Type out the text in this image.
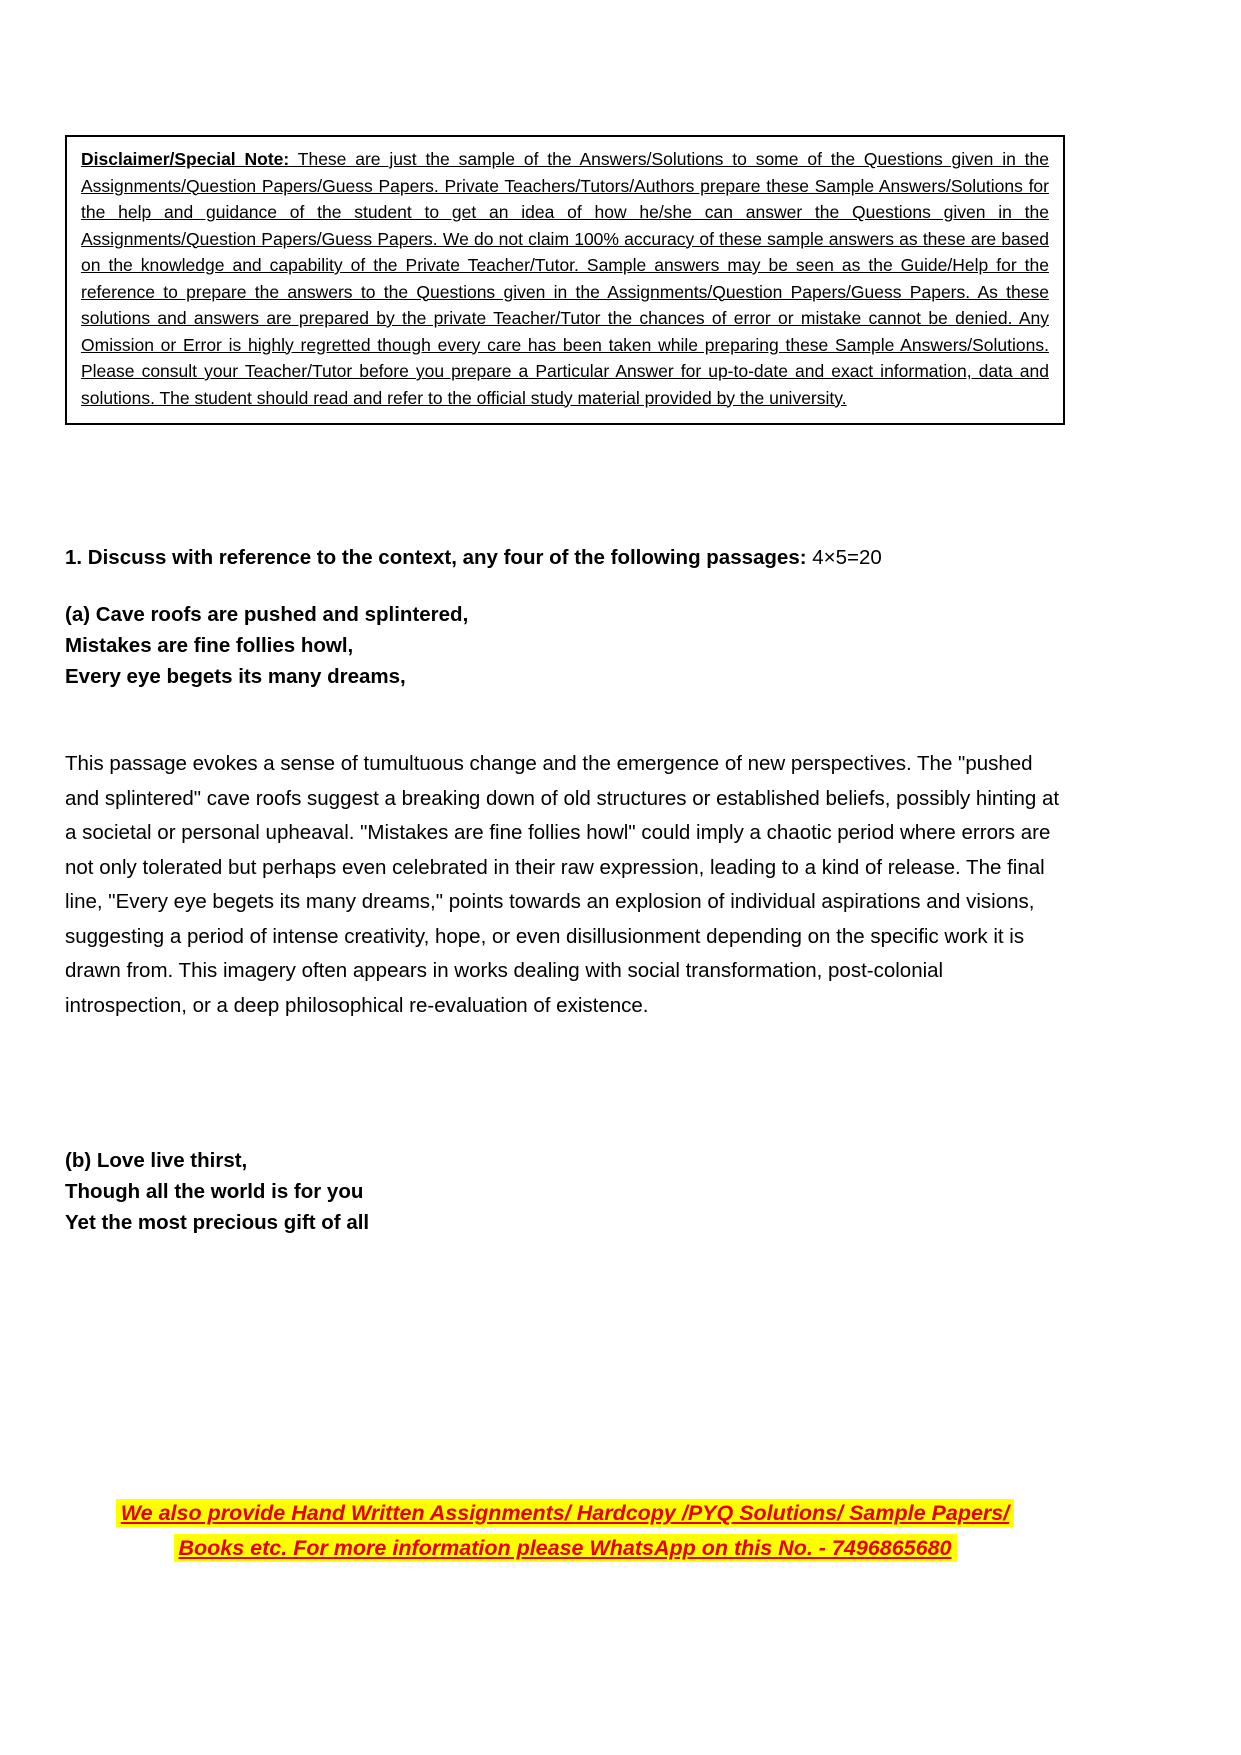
Disclaimer/Special Note: These are just the sample of the Answers/Solutions to some of the Questions given in the Assignments/Question Papers/Guess Papers. Private Teachers/Tutors/Authors prepare these Sample Answers/Solutions for the help and guidance of the student to get an idea of how he/she can answer the Questions given in the Assignments/Question Papers/Guess Papers. We do not claim 100% accuracy of these sample answers as these are based on the knowledge and capability of the Private Teacher/Tutor. Sample answers may be seen as the Guide/Help for the reference to prepare the answers to the Questions given in the Assignments/Question Papers/Guess Papers. As these solutions and answers are prepared by the private Teacher/Tutor the chances of error or mistake cannot be denied. Any Omission or Error is highly regretted though every care has been taken while preparing these Sample Answers/Solutions. Please consult your Teacher/Tutor before you prepare a Particular Answer for up-to-date and exact information, data and solutions. The student should read and refer to the official study material provided by the university.

1. Discuss with reference to the context, any four of the following passages: 4×5=20

(a) Cave roofs are pushed and splintered,
Mistakes are fine follies howl,
Every eye begets its many dreams,

This passage evokes a sense of tumultuous change and the emergence of new perspectives. The "pushed and splintered" cave roofs suggest a breaking down of old structures or established beliefs, possibly hinting at a societal or personal upheaval. "Mistakes are fine follies howl" could imply a chaotic period where errors are not only tolerated but perhaps even celebrated in their raw expression, leading to a kind of release. The final line, "Every eye begets its many dreams," points towards an explosion of individual aspirations and visions, suggesting a period of intense creativity, hope, or even disillusionment depending on the specific work it is drawn from. This imagery often appears in works dealing with social transformation, post-colonial introspection, or a deep philosophical re-evaluation of existence.

(b) Love live thirst,
Though all the world is for you
Yet the most precious gift of all
We also provide Hand Written Assignments/ Hardcopy /PYQ Solutions/ Sample Papers/
Books etc. For more information please WhatsApp on this No. - 7496865680
